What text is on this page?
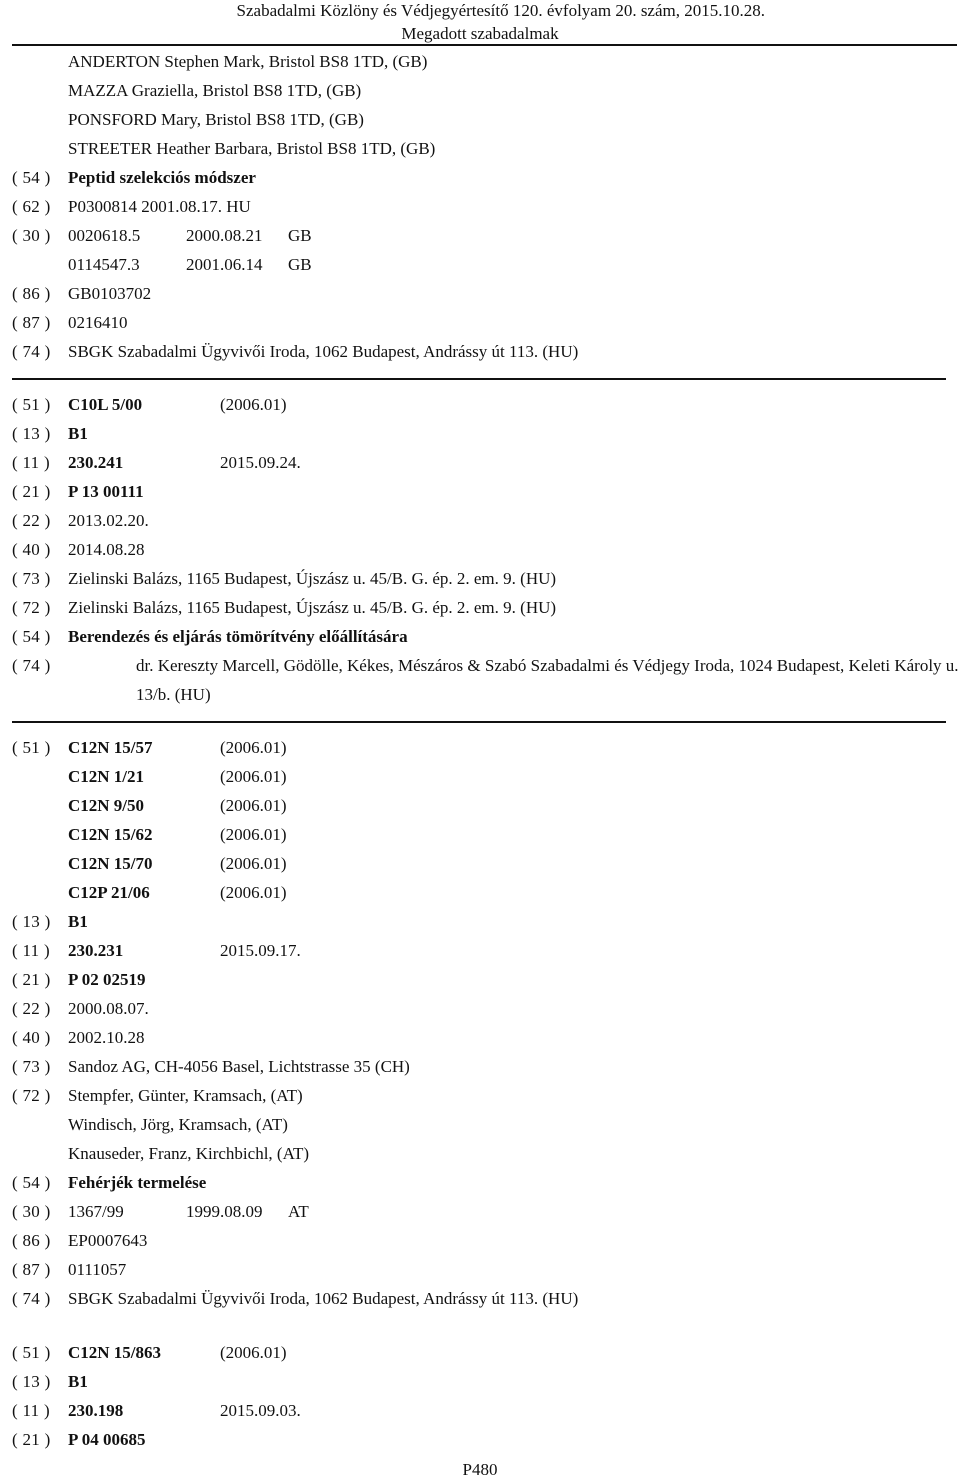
Szabadalmi Közlöny és Védjegyértesítő 120. évfolyam 20. szám, 2015.10.28.
Megadott szabadalmak
ANDERTON Stephen Mark, Bristol BS8 1TD, (GB)
MAZZA Graziella, Bristol BS8 1TD, (GB)
PONSFORD Mary, Bristol BS8 1TD, (GB)
STREETER Heather Barbara, Bristol BS8 1TD, (GB)
( 54 )	Peptid szelekciós módszer
( 62 )	P0300814 2001.08.17. HU
( 30 )	0020618.5	2000.08.21 GB
0114547.3	2001.06.14 GB
( 86 )	GB0103702
( 87 )	0216410
( 74 )	SBGK Szabadalmi Ügyvivői Iroda, 1062 Budapest, Andrássy út 113. (HU)
( 51 )	C10L 5/00	(2006.01)
( 13 )	B1
( 11 )	230.241	2015.09.24.
( 21 )	P 13 00111
( 22 )	2013.02.20.
( 40 )	2014.08.28
( 73 )	Zielinski Balázs, 1165 Budapest, Újszász u. 45/B. G. ép. 2. em. 9. (HU)
( 72 )	Zielinski Balázs, 1165 Budapest, Újszász u. 45/B. G. ép. 2. em. 9. (HU)
( 54 )	Berendezés és eljárás tömörítvény előállítására
( 74 )	dr. Kereszty Marcell, Gödölle, Kékes, Mészáros & Szabó Szabadalmi és Védjegy Iroda, 1024 Budapest, Keleti Károly u. 13/b. (HU)
( 51 )	C12N 15/57	(2006.01)
C12N 1/21	(2006.01)
C12N 9/50	(2006.01)
C12N 15/62	(2006.01)
C12N 15/70	(2006.01)
C12P 21/06	(2006.01)
( 13 )	B1
( 11 )	230.231	2015.09.17.
( 21 )	P 02 02519
( 22 )	2000.08.07.
( 40 )	2002.10.28
( 73 )	Sandoz AG, CH-4056 Basel, Lichtstrasse 35 (CH)
( 72 )	Stempfer, Günter, Kramsach, (AT)
Windisch, Jörg, Kramsach, (AT)
Knauseder, Franz, Kirchbichl, (AT)
( 54 )	Fehérjék termelése
( 30 )	1367/99	1999.08.09 AT
( 86 )	EP0007643
( 87 )	0111057
( 74 )	SBGK Szabadalmi Ügyvivői Iroda, 1062 Budapest, Andrássy út 113. (HU)
( 51 )	C12N 15/863	(2006.01)
( 13 )	B1
( 11 )	230.198	2015.09.03.
( 21 )	P 04 00685
P480
